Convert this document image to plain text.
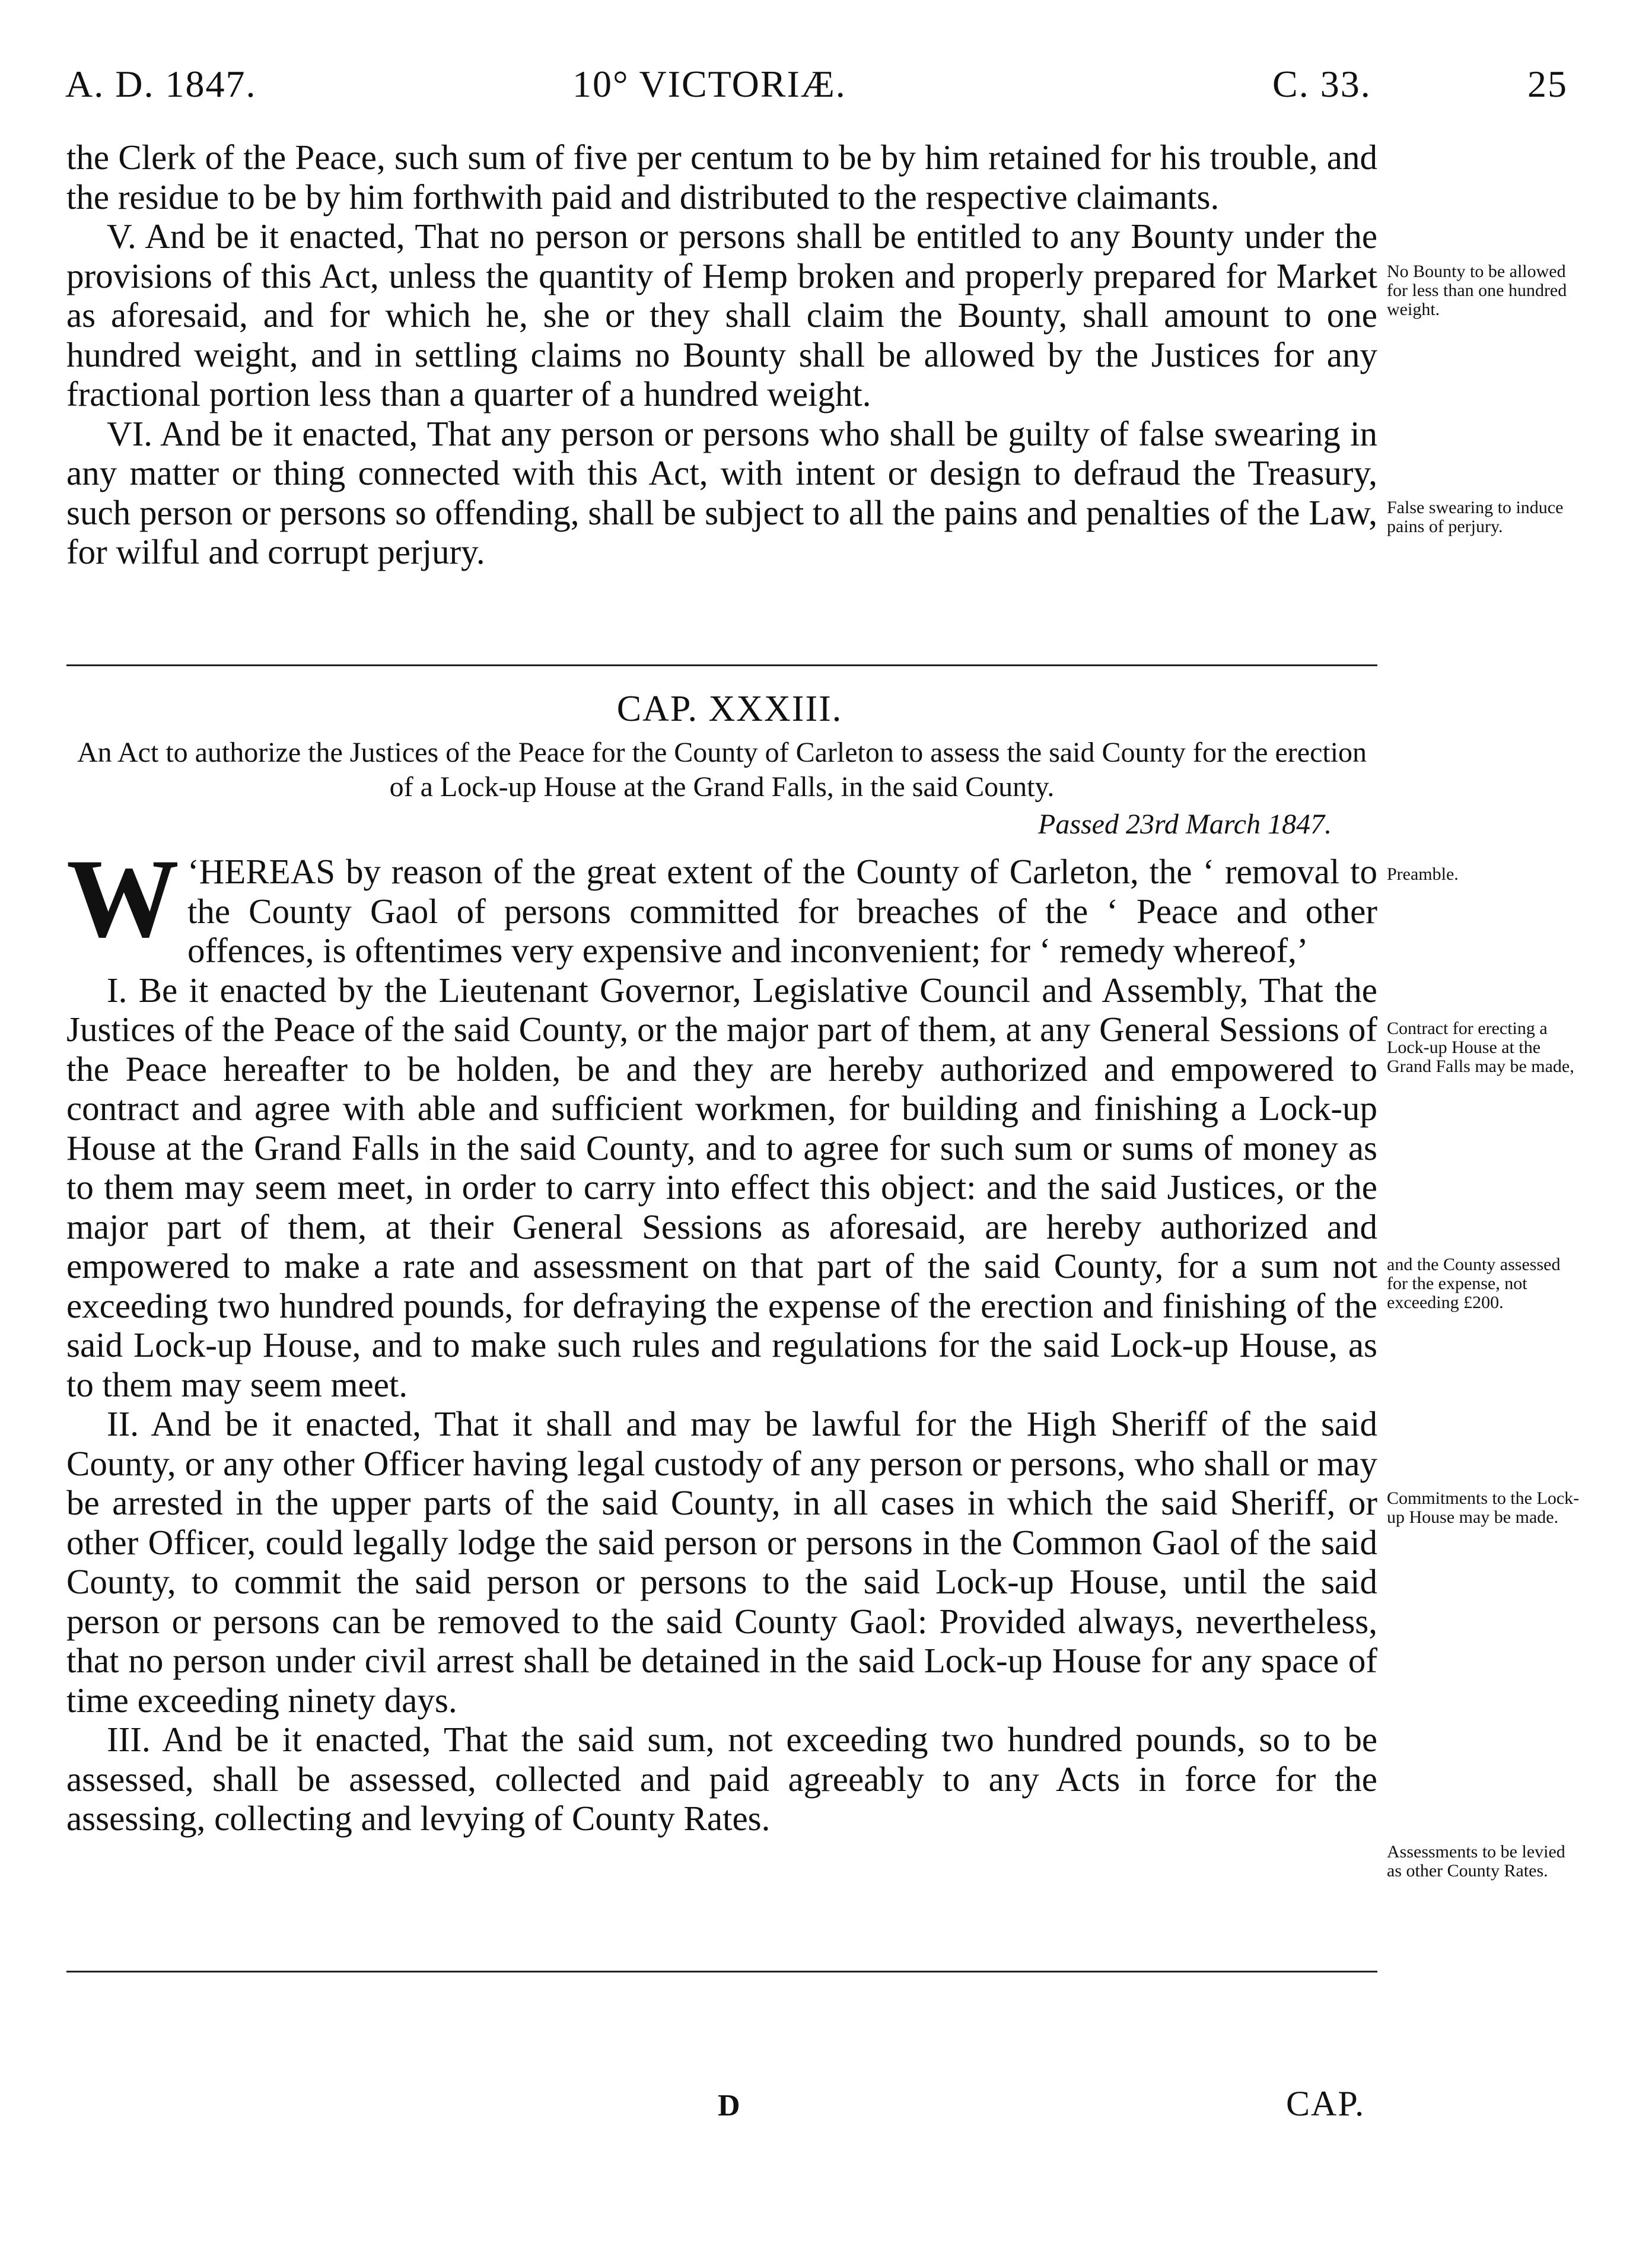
A. D. 1847.	10° VICTORIÆ.	C. 33.	25

the Clerk of the Peace, such sum of five per centum to be by him retained for his trouble, and the residue to be by him forthwith paid and distributed to the respective claimants.

V. And be it enacted, That no person or persons shall be entitled to any Bounty under the provisions of this Act, unless the quantity of Hemp broken and properly prepared for Market as aforesaid, and for which he, she or they shall claim the Bounty, shall amount to one hundred weight, and in settling claims no Bounty shall be allowed by the Justices for any fractional portion less than a quarter of a hundred weight.

VI. And be it enacted, That any person or persons who shall be guilty of false swearing in any matter or thing connected with this Act, with intent or design to defraud the Treasury, such person or persons so offending, shall be subject to all the pains and penalties of the Law, for wilful and corrupt perjury.

No Bounty to be allowed for less than one hundred weight.
False swearing to induce pains of perjury.
CAP. XXXIII.
An Act to authorize the Justices of the Peace for the County of Carleton to assess the said County for the erection of a Lock-up House at the Grand Falls, in the said County.
Passed 23rd March 1847.

‘
W HEREAS by reason of the great extent of the County of Carleton, the ‘ removal to the County Gaol of persons committed for breaches of the ‘ Peace and other offences, is oftentimes very expensive and inconvenient; for ‘ remedy whereof,’

I. Be it enacted by the Lieutenant Governor, Legislative Council and Assembly, That the Justices of the Peace of the said County, or the major part of them, at any General Sessions of the Peace hereafter to be holden, be and they are hereby authorized and empowered to contract and agree with able and sufficient workmen, for building and finishing a Lock-up House at the Grand Falls in the said County, and to agree for such sum or sums of money as to them may seem meet, in order to carry into effect this object: and the said Justices, or the major part of them, at their General Sessions as aforesaid, are hereby authorized and empowered to make a rate and assessment on that part of the said County, for a sum not exceeding two hundred pounds, for defraying the expense of the erection and finishing of the said Lock-up House, and to make such rules and regulations for the said Lock-up House, as to them may seem meet.

II. And be it enacted, That it shall and may be lawful for the High Sheriff of the said County, or any other Officer having legal custody of any person or persons, who shall or may be arrested in the upper parts of the said County, in all cases in which the said Sheriff, or other Officer, could legally lodge the said person or persons in the Common Gaol of the said County, to commit the said person or persons to the said Lock-up House, until the said person or persons can be removed to the said County Gaol: Provided always, nevertheless, that no person under civil arrest shall be detained in the said Lock-up House for any space of time exceeding ninety days.

III. And be it enacted, That the said sum, not exceeding two hundred pounds, so to be assessed, shall be assessed, collected and paid agreeably to any Acts in force for the assessing, collecting and levying of County Rates.

Preamble.
Contract for erecting a Lock-up House at the Grand Falls may be made,
and the County assessed for the expense, not exceeding £200.
Commitments to the Lock-up House may be made.
Assessments to be levied as other County Rates.
D	CAP.
